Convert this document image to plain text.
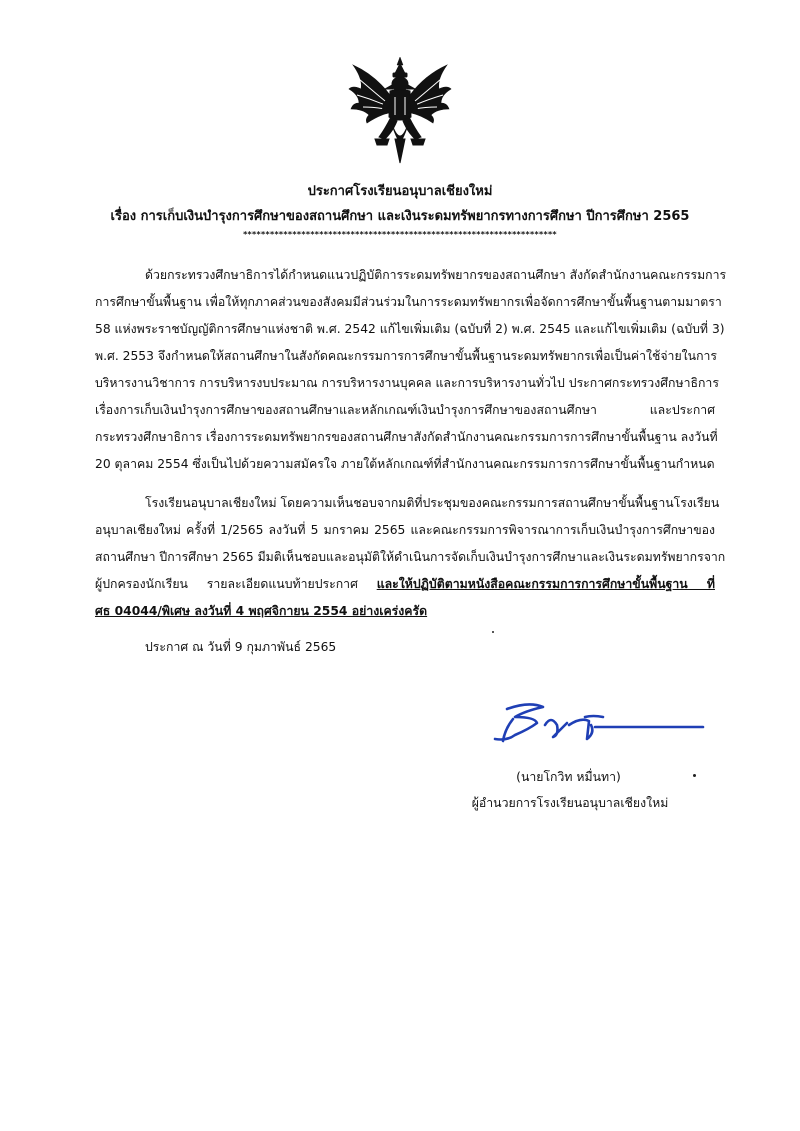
ประกาศโรงเรียนอนุบาลเชียงใหม่
เรื่อง การเก็บเงินบำรุงการศึกษาของสถานศึกษา และเงินระดมทรัพยากรทางการศึกษา ปีการศึกษา 2565
**********************************************************************
ด้วยกระทรวงศึกษาธิการได้กำหนดแนวปฏิบัติการระดมทรัพยากรของสถานศึกษา สังกัดสำนักงานคณะกรรมการ
การศึกษาขั้นพื้นฐาน เพื่อให้ทุกภาคส่วนของสังคมมีส่วนร่วมในการระดมทรัพยากรเพื่อจัดการศึกษาขั้นพื้นฐานตามมาตรา
58 แห่งพระราชบัญญัติการศึกษาแห่งชาติ พ.ศ. 2542 แก้ไขเพิ่มเติม (ฉบับที่ 2) พ.ศ. 2545 และแก้ไขเพิ่มเติม (ฉบับที่ 3)
พ.ศ. 2553 จึงกำหนดให้สถานศึกษาในสังกัดคณะกรรมการการศึกษาขั้นพื้นฐานระดมทรัพยากรเพื่อเป็นค่าใช้จ่ายในการ
บริหารงานวิชาการ การบริหารงบประมาณ การบริหารงานบุคคล และการบริหารงานทั่วไป ประกาศกระทรวงศึกษาธิการ
เรื่องการเก็บเงินบำรุงการศึกษาของสถานศึกษาและหลักเกณฑ์เงินบำรุงการศึกษาของสถานศึกษา และประกาศ
กระทรวงศึกษาธิการ เรื่องการระดมทรัพยากรของสถานศึกษาสังกัดสำนักงานคณะกรรมการการศึกษาขั้นพื้นฐาน ลงวันที่
20 ตุลาคม 2554 ซึ่งเป็นไปด้วยความสมัครใจ ภายใต้หลักเกณฑ์ที่สำนักงานคณะกรรมการการศึกษาขั้นพื้นฐานกำหนด
โรงเรียนอนุบาลเชียงใหม่ โดยความเห็นชอบจากมติที่ประชุมของคณะกรรมการสถานศึกษาขั้นพื้นฐานโรงเรียน
อนุบาลเชียงใหม่ ครั้งที่ 1/2565 ลงวันที่ 5 มกราคม 2565 และคณะกรรมการพิจารณาการเก็บเงินบำรุงการศึกษาของ
สถานศึกษา ปีการศึกษา 2565 มีมติเห็นชอบและอนุมัติให้ดำเนินการจัดเก็บเงินบำรุงการศึกษาและเงินระดมทรัพยากรจาก
ผู้ปกครองนักเรียน รายละเอียดแนบท้ายประกาศ และให้ปฏิบัติตามหนังสือคณะกรรมการการศึกษาขั้นพื้นฐาน ที่
ศธ 04044/พิเศษ ลงวันที่ 4 พฤศจิกายน 2554 อย่างเคร่งครัด
ประกาศ ณ วันที่ 9 กุมภาพันธ์ 2565
(นายโกวิท หมื่นทา)
ผู้อำนวยการโรงเรียนอนุบาลเชียงใหม่
